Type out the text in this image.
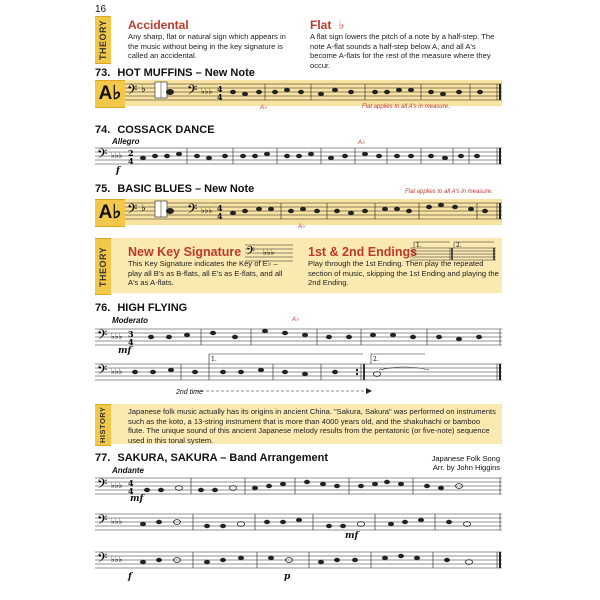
16
THEORY Accidental
Any sharp, flat or natural sign which appears in the music without being in the key signature is called an accidental.
Flat ♭
A flat sign lowers the pitch of a note by a half-step. The note A-flat sounds a half-step below A, and all A's become A-flats for the rest of the measure where they occur.
73. HOT MUFFINS – New Note
A♭ 𝄢 ♭	𝄢 ♭♭♭ 4
4
A♭	Flat applies to all A's in measure.
74. COSSACK DANCE
Allegro
𝄢 ♭♭♭ 2
4
f
A♭
75. BASIC BLUES – New Note	Flat applies to all A's in measure.
A♭ 𝄢 ♭	𝄢 ♭♭♭ 4
4
A♭
THEORY New Key Signature
This Key Signature indicates the Key of E♭ – play all B's as B-flats, all E's as E-flats, and all A's as A-flats.
𝄢 ♭♭♭	1st & 2nd Endings
Play through the 1st Ending. Then play the repeated section of music, skipping the 1st Ending and playing the 2nd Ending.
1.	2.
76. HIGH FLYING
Moderato	A♭
𝄢 ♭♭♭ 3
4
mf
𝄢 ♭♭♭
1.	2.
2nd time
HISTORY	Japanese folk music actually has its origins in ancient China. "Sakura, Sakura" was performed on instruments such as the koto, a 13-string instrument that is more than 4000 years old, and the shakuhachi or bamboo flute. The unique sound of this ancient Japanese melody results from the pentatonic (or five-note) sequence used in this tonal system.
77. SAKURA, SAKURA – Band Arrangement	Japanese Folk Song
Arr. by John Higgins
Andante
𝄢 ♭♭♭ 4
4
mf
𝄢 ♭♭♭
mf
𝄢 ♭♭♭
f	p
